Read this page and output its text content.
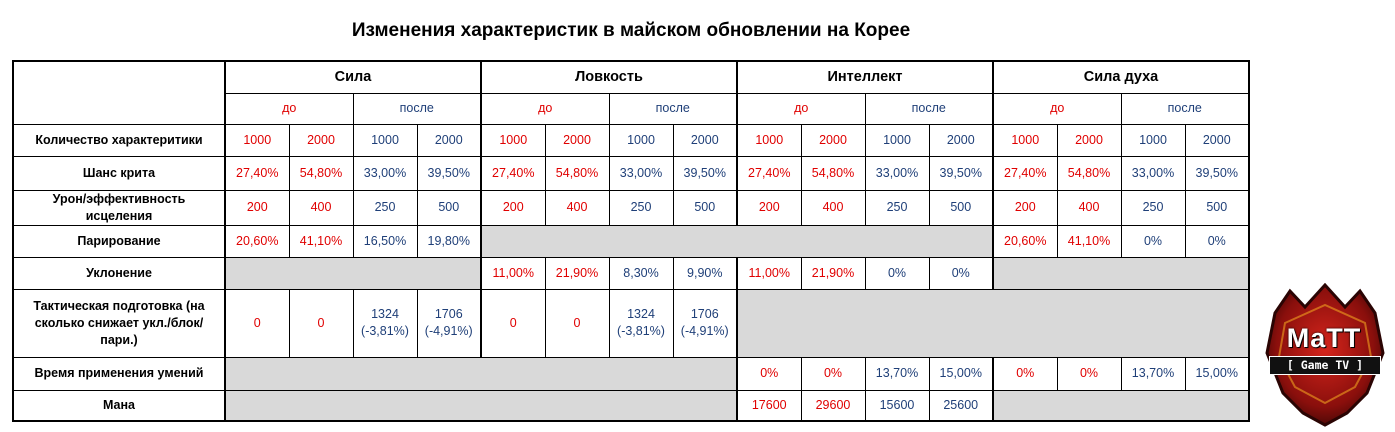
Изменения характеристик в майском обновлении на Корее
	Сила				Ловкость				Интеллект				Сила духа			
	до		после		до		после		до		после		до		после	
Количество характеритики	1000	2000	1000	2000	1000	2000	1000	2000	1000	2000	1000	2000	1000	2000	1000	2000
Шанс крита	27,40%	54,80%	33,00%	39,50%	27,40%	54,80%	33,00%	39,50%	27,40%	54,80%	33,00%	39,50%	27,40%	54,80%	33,00%	39,50%
Урон/эффективность исцеления	200	400	250	500	200	400	250	500	200	400	250	500	200	400	250	500
Парирование	20,60%	41,10%	16,50%	19,80%									20,60%	41,10%	0%	0%
Уклонение					11,00%	21,90%	8,30%	9,90%	11,00%	21,90%	0%	0%				
Тактическая подготовка (на сколько снижает укл./блок/пари.)	0	0	1324 (-3,81%)	1706 (-4,91%)	0	0	1324 (-3,81%)	1706 (-4,91%)								
Время применения умений									0%	0%	13,70%	15,00%	0%	0%	13,70%	15,00%
Мана									17600	29600	15600	25600				
MaTT
[ Game TV ]
